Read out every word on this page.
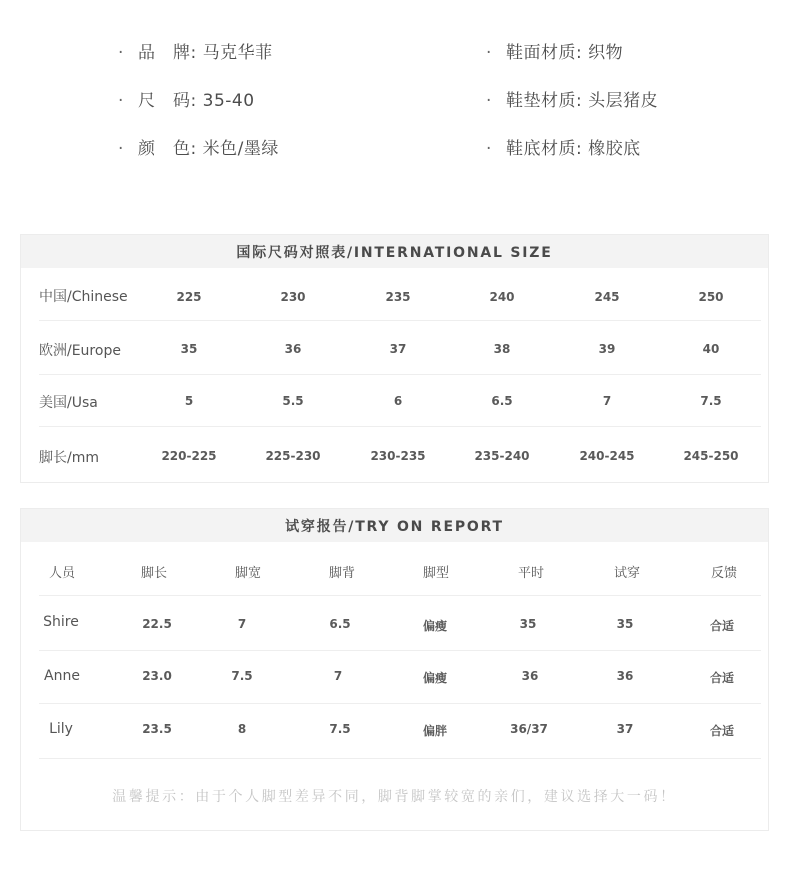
· 品　牌: 马克华菲
· 尺　码: 35-40
· 颜　色: 米色/墨绿
· 鞋面材质: 织物
· 鞋垫材质: 头层猪皮
· 鞋底材质: 橡胶底
国际尺码对照表/INTERNATIONAL SIZE
中国/Chinese	225	230	235	240	245	250
欧洲/Europe	35	36	37	38	39	40
美国/Usa	5	5.5	6	6.5	7	7.5
脚长/mm	220-225	225-230	230-235	235-240	240-245	245-250
试穿报告/TRY ON REPORT
人员	脚长	脚宽	脚背	脚型	平时	试穿	反馈
Shire	22.5	7	6.5	偏瘦	35	35	合适
Anne	23.0	7.5	7	偏瘦	36	36	合适
Lily	23.5	8	7.5	偏胖	36/37	37	合适
温馨提示：由于个人脚型差异不同，脚背脚掌较宽的亲们，建议选择大一码！
